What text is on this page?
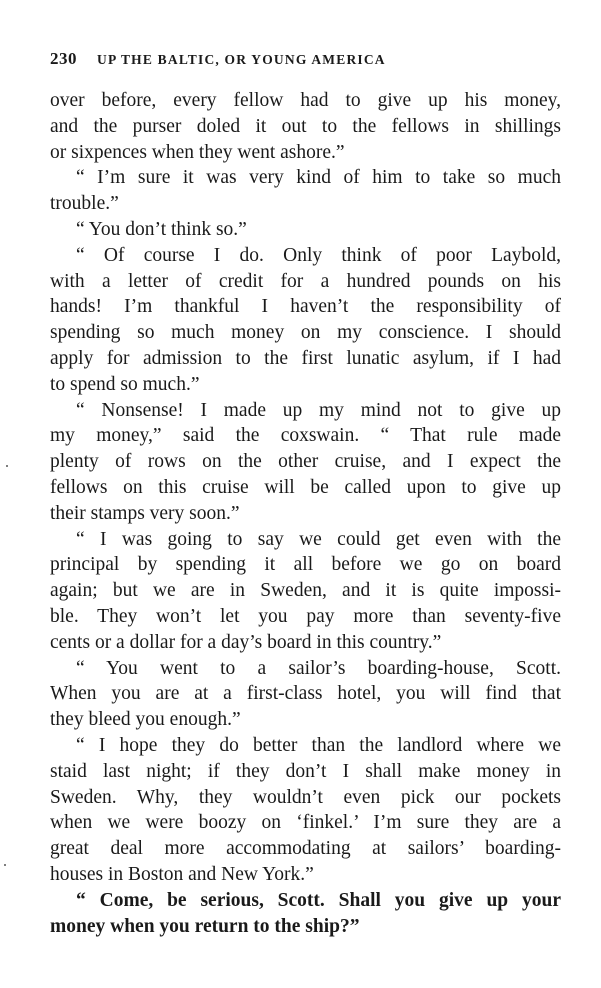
230 UP THE BALTIC, OR YOUNG AMERICA
over before, every fellow had to give up his money,
and the purser doled it out to the fellows in shillings
or sixpences when they went ashore.”
“ I’m sure it was very kind of him to take so much
trouble.”
“ You don’t think so.”
“ Of course I do. Only think of poor Laybold,
with a letter of credit for a hundred pounds on his
hands! I’m thankful I haven’t the responsibility of
spending so much money on my conscience. I should
apply for admission to the first lunatic asylum, if I had
to spend so much.”
“ Nonsense! I made up my mind not to give up
my money,” said the coxswain. “ That rule made
plenty of rows on the other cruise, and I expect the
fellows on this cruise will be called upon to give up
their stamps very soon.”
“ I was going to say we could get even with the
principal by spending it all before we go on board
again; but we are in Sweden, and it is quite impossi-
ble. They won’t let you pay more than seventy-five
cents or a dollar for a day’s board in this country.”
“ You went to a sailor’s boarding-house, Scott.
When you are at a first-class hotel, you will find that
they bleed you enough.”
“ I hope they do better than the landlord where we
staid last night; if they don’t I shall make money in
Sweden. Why, they wouldn’t even pick our pockets
when we were boozy on ‘finkel.’ I’m sure they are a
great deal more accommodating at sailors’ boarding-
houses in Boston and New York.”
“ Come, be serious, Scott. Shall you give up your
money when you return to the ship?”
